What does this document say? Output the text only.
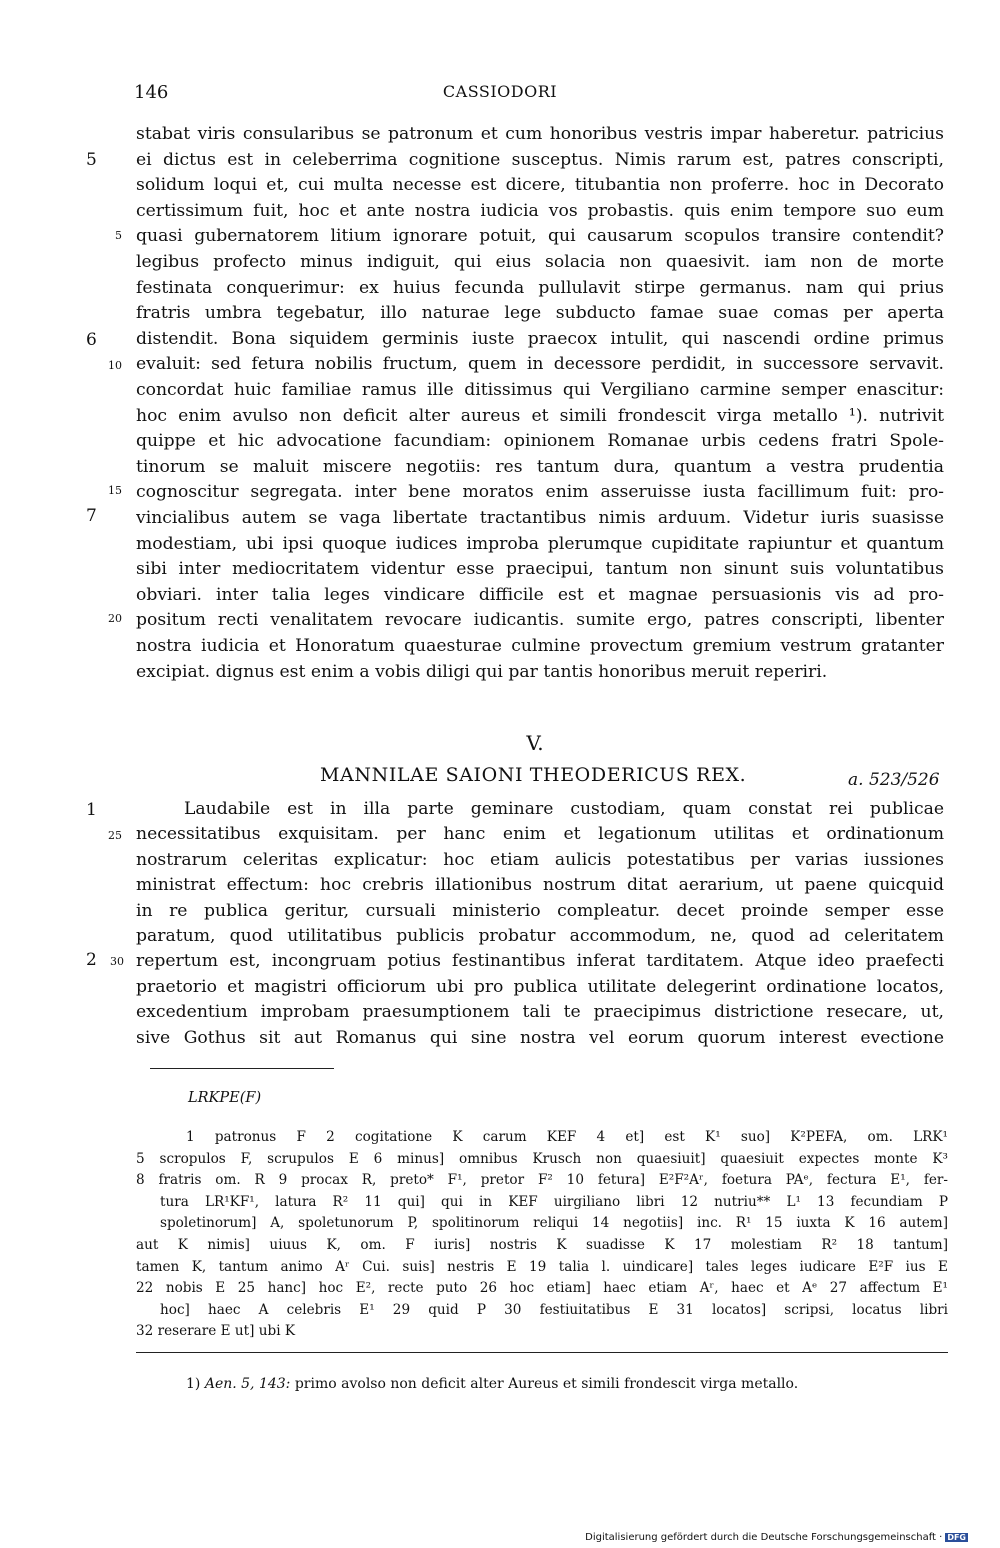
146	CASSIODORI
stabat viris consularibus se patronum et cum honoribus vestris impar haberetur. patricius
ei dictus est in celeberrima cognitione susceptus. Nimis rarum est, patres conscripti,
solidum loqui et, cui multa necesse est dicere, titubantia non proferre. hoc in Decorato
certissimum fuit, hoc et ante nostra iudicia vos probastis. quis enim tempore suo eum
quasi gubernatorem litium ignorare potuit, qui causarum scopulos transire contendit?
legibus profecto minus indiguit, qui eius solacia non quaesivit. iam non de morte
festinata conquerimur: ex huius fecunda pullulavit stirpe germanus. nam qui prius
fratris umbra tegebatur, illo naturae lege subducto famae suae comas per aperta
distendit. Bona siquidem germinis iuste praecox intulit, qui nascendi ordine primus
evaluit: sed fetura nobilis fructum, quem in decessore perdidit, in successore servavit.
concordat huic familiae ramus ille ditissimus qui Vergiliano carmine semper enascitur:
hoc enim avulso non deficit alter aureus et simili frondescit virga metallo ¹). nutrivit
quippe et hic advocatione facundiam: opinionem Romanae urbis cedens fratri Spole-
tinorum se maluit miscere negotiis: res tantum dura, quantum a vestra prudentia
cognoscitur segregata. inter bene moratos enim asseruisse iusta facillimum fuit: pro-
vincialibus autem se vaga libertate tractantibus nimis arduum. Videtur iuris suasisse
modestiam, ubi ipsi quoque iudices improba plerumque cupiditate rapiuntur et quantum
sibi inter mediocritatem videntur esse praecipui, tantum non sinunt suis voluntatibus
obviari. inter talia leges vindicare difficile est et magnae persuasionis vis ad pro-
positum recti venalitatem revocare iudicantis. sumite ergo, patres conscripti, libenter
nostra iudicia et Honoratum quaesturae culmine provectum gremium vestrum gratanter
excipiat. dignus est enim a vobis diligi qui par tantis honoribus meruit reperiri.
5
5
6
10
15
7
20
V.
MANNILAE SAIONI THEODERICUS REX.	a. 523/526
Laudabile est in illa parte geminare custodiam, quam constat rei publicae
necessitatibus exquisitam. per hanc enim et legationum utilitas et ordinationum
nostrarum celeritas explicatur: hoc etiam aulicis potestatibus per varias iussiones
ministrat effectum: hoc crebris illationibus nostrum ditat aerarium, ut paene quicquid
in re publica geritur, cursuali ministerio compleatur. decet proinde semper esse
paratum, quod utilitatibus publicis probatur accommodum, ne, quod ad celeritatem
repertum est, incongruam potius festinantibus inferat tarditatem. Atque ideo praefecti
praetorio et magistri officiorum ubi pro publica utilitate delegerint ordinatione locatos,
excedentium improbam praesumptionem tali te praecipimus districtione resecare, ut,
sive Gothus sit aut Romanus qui sine nostra vel eorum quorum interest evectione
1
25
2	30
LRKPE(F)
1 patronus F 2 cogitatione K carum KEF 4 et] est K¹ suo] K²PEFA, om. LRK¹
5 scropulos F, scrupulos E 6 minus] omnibus Krusch non quaesiuit] quaesiuit expectes monte K³
8 fratris om. R 9 procax R, preto* F¹, pretor F² 10 fetura] E²F²Aʳ, foetura PAᵉ, fectura E¹, fer-
tura LR¹KF¹, latura R² 11 qui] qui in KEF uirgiliano libri 12 nutriu** L¹ 13 fecundiam P
spoletinorum] A, spoletunorum P, spolitinorum reliqui 14 negotiis] inc. R¹ 15 iuxta K 16 autem]
aut K nimis] uiuus K, om. F iuris] nostris K suadisse K 17 molestiam R² 18 tantum]
tamen K, tantum animo Aʳ Cui. suis] nestris E 19 talia l. uindicare] tales leges iudicare E²F ius E
22 nobis E 25 hanc] hoc E², recte puto 26 hoc etiam] haec etiam Aʳ, haec et Aᵉ 27 affectum E¹
hoc] haec A celebris E¹ 29 quid P 30 festiuitatibus E 31 locatos] scripsi, locatus libri
32 reserare E ut] ubi K
1) Aen. 5, 143: primo avolso non deficit alter Aureus et simili frondescit virga metallo.
Digitalisierung gefördert durch die Deutsche Forschungsgemeinschaft · DFG
